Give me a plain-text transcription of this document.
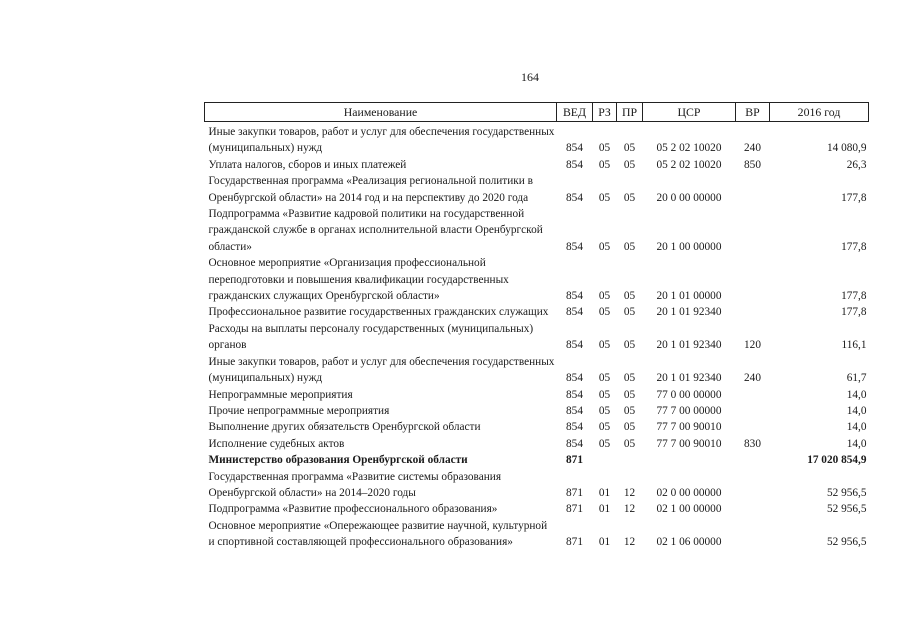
164
Наименование	ВЕД	РЗ	ПР	ЦСР	ВР	2016 год

Иные закупки товаров, работ и услуг для обеспечения государственных (муниципальных) нужд	854	05	05	05 2 02 10020	240	14 080,9
Уплата налогов, сборов и иных платежей	854	05	05	05 2 02 10020	850	26,3
Государственная программа «Реализация региональной политики в Оренбургской области» на 2014 год и на перспективу до 2020 года	854	05	05	20 0 00 00000		177,8
Подпрограмма «Развитие кадровой политики на государственной гражданской службе в органах исполнительной власти Оренбургской области»	854	05	05	20 1 00 00000		177,8
Основное мероприятие «Организация профессиональной переподготовки и повышения квалификации государственных гражданских служащих Оренбургской области»	854	05	05	20 1 01 00000		177,8
Профессиональное развитие государственных гражданских служащих	854	05	05	20 1 01 92340		177,8
Расходы на выплаты персоналу государственных (муниципальных) органов	854	05	05	20 1 01 92340	120	116,1
Иные закупки товаров, работ и услуг для обеспечения государственных (муниципальных) нужд	854	05	05	20 1 01 92340	240	61,7
Непрограммные мероприятия	854	05	05	77 0 00 00000		14,0
Прочие непрограммные мероприятия	854	05	05	77 7 00 00000		14,0
Выполнение других обязательств Оренбургской области	854	05	05	77 7 00 90010		14,0
Исполнение судебных актов	854	05	05	77 7 00 90010	830	14,0
Министерство образования Оренбургской области	871					17 020 854,9
Государственная программа «Развитие системы образования Оренбургской области» на 2014–2020 годы	871	01	12	02 0 00 00000		52 956,5
Подпрограмма «Развитие профессионального образования»	871	01	12	02 1 00 00000		52 956,5
Основное мероприятие «Опережающее развитие научной, культурной и спортивной составляющей профессионального образования»	871	01	12	02 1 06 00000		52 956,5
